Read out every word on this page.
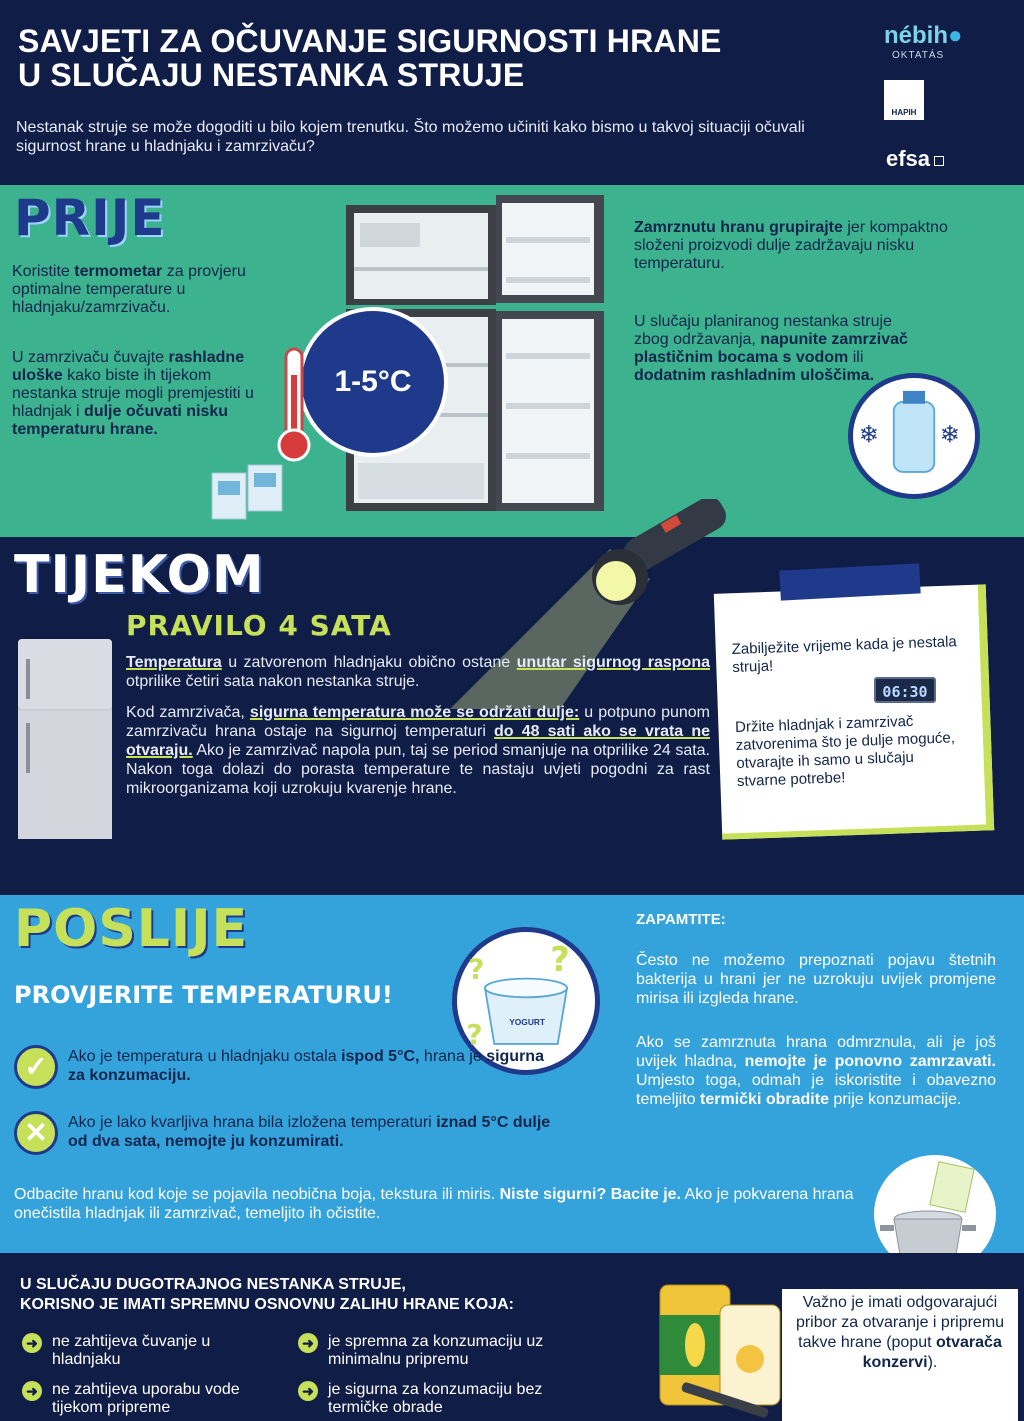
SAVJETI ZA OČUVANJE SIGURNOSTI HRANE
U SLUČAJU NESTANKA STRUJE
Nestanak struje se može dogoditi u bilo kojem trenutku. Što možemo učiniti kako bismo u takvoj situaciji očuvali sigurnost hrane u hladnjaku i zamrzivaču?
nébih●
OKTATÁS
HAPIH
efsa
PRIJE
Koristite termometar za provjeru optimalne temperature u hladnjaku/zamrzivaču.
U zamrzivaču čuvajte rashladne uloške kako biste ih tijekom nestanka struje mogli premjestiti u hladnjak i dulje očuvati nisku temperaturu hrane.
1-5°C
Zamrznutu hranu grupirajte jer kompaktno složeni proizvodi dulje zadržavaju nisku temperaturu.
U slučaju planiranog nestanka struje zbog održavanja, napunite zamrzivač plastičnim bocama s vodom ili dodatnim rashladnim uloščima.
❄ ❄
TIJEKOM
PRAVILO 4 SATA

Temperatura u zatvorenom hladnjaku obično ostane unutar sigurnog raspona otprilike četiri sata nakon nestanka struje.

Kod zamrzivača, sigurna temperatura može se održati dulje: u potpuno punom zamrzivaču hrana ostaje na sigurnoj temperaturi do 48 sati ako se vrata ne otvaraju. Ako je zamrzivač napola pun, taj se period smanjuje na otprilike 24 sata. Nakon toga dolazi do porasta temperature te nastaju uvjeti pogodni za rast mikroorganizama koji uzrokuju kvarenje hrane.

Zabilježite vrijeme kada je nestala struja!
06:30
Držite hladnjak i zamrzivač zatvorenima što je dulje moguće, otvarajte ih samo u slučaju stvarne potrebe!
POSLIJE
PROVJERITE TEMPERATURU!
YOGURT
? ?
?
✓	Ako je temperatura u hladnjaku ostala ispod 5°C, hrana je sigurna za konzumaciju.
✕	Ako je lako kvarljiva hrana bila izložena temperaturi iznad 5°C dulje od dva sata, nemojte ju konzumirati.
Odbacite hranu kod koje se pojavila neobična boja, tekstura ili miris. Niste sigurni? Bacite je. Ako je pokvarena hrana onečistila hladnjak ili zamrzivač, temeljito ih očistite.
ZAPAMTITE:
Često ne možemo prepoznati pojavu štetnih bakterija u hrani jer ne uzrokuju uvijek promjene mirisa ili izgleda hrane.
Ako se zamrznuta hrana odmrznula, ali je još uvijek hladna, nemojte je ponovno zamrzavati. Umjesto toga, odmah je iskoristite i obavezno temeljito termički obradite prije konzumacije.
U SLUČAJU DUGOTRAJNOG NESTANKA STRUJE,
KORISNO JE IMATI SPREMNU OSNOVNU ZALIHU HRANE KOJA:
➜ ne zahtijeva čuvanje u hladnjaku
➜ je spremna za konzumaciju uz minimalnu pripremu
➜ ne zahtijeva uporabu vode tijekom pripreme
➜ je sigurna za konzumaciju bez termičke obrade
Važno je imati odgovarajući pribor za otvaranje i pripremu takve hrane (poput otvarača konzervi).
